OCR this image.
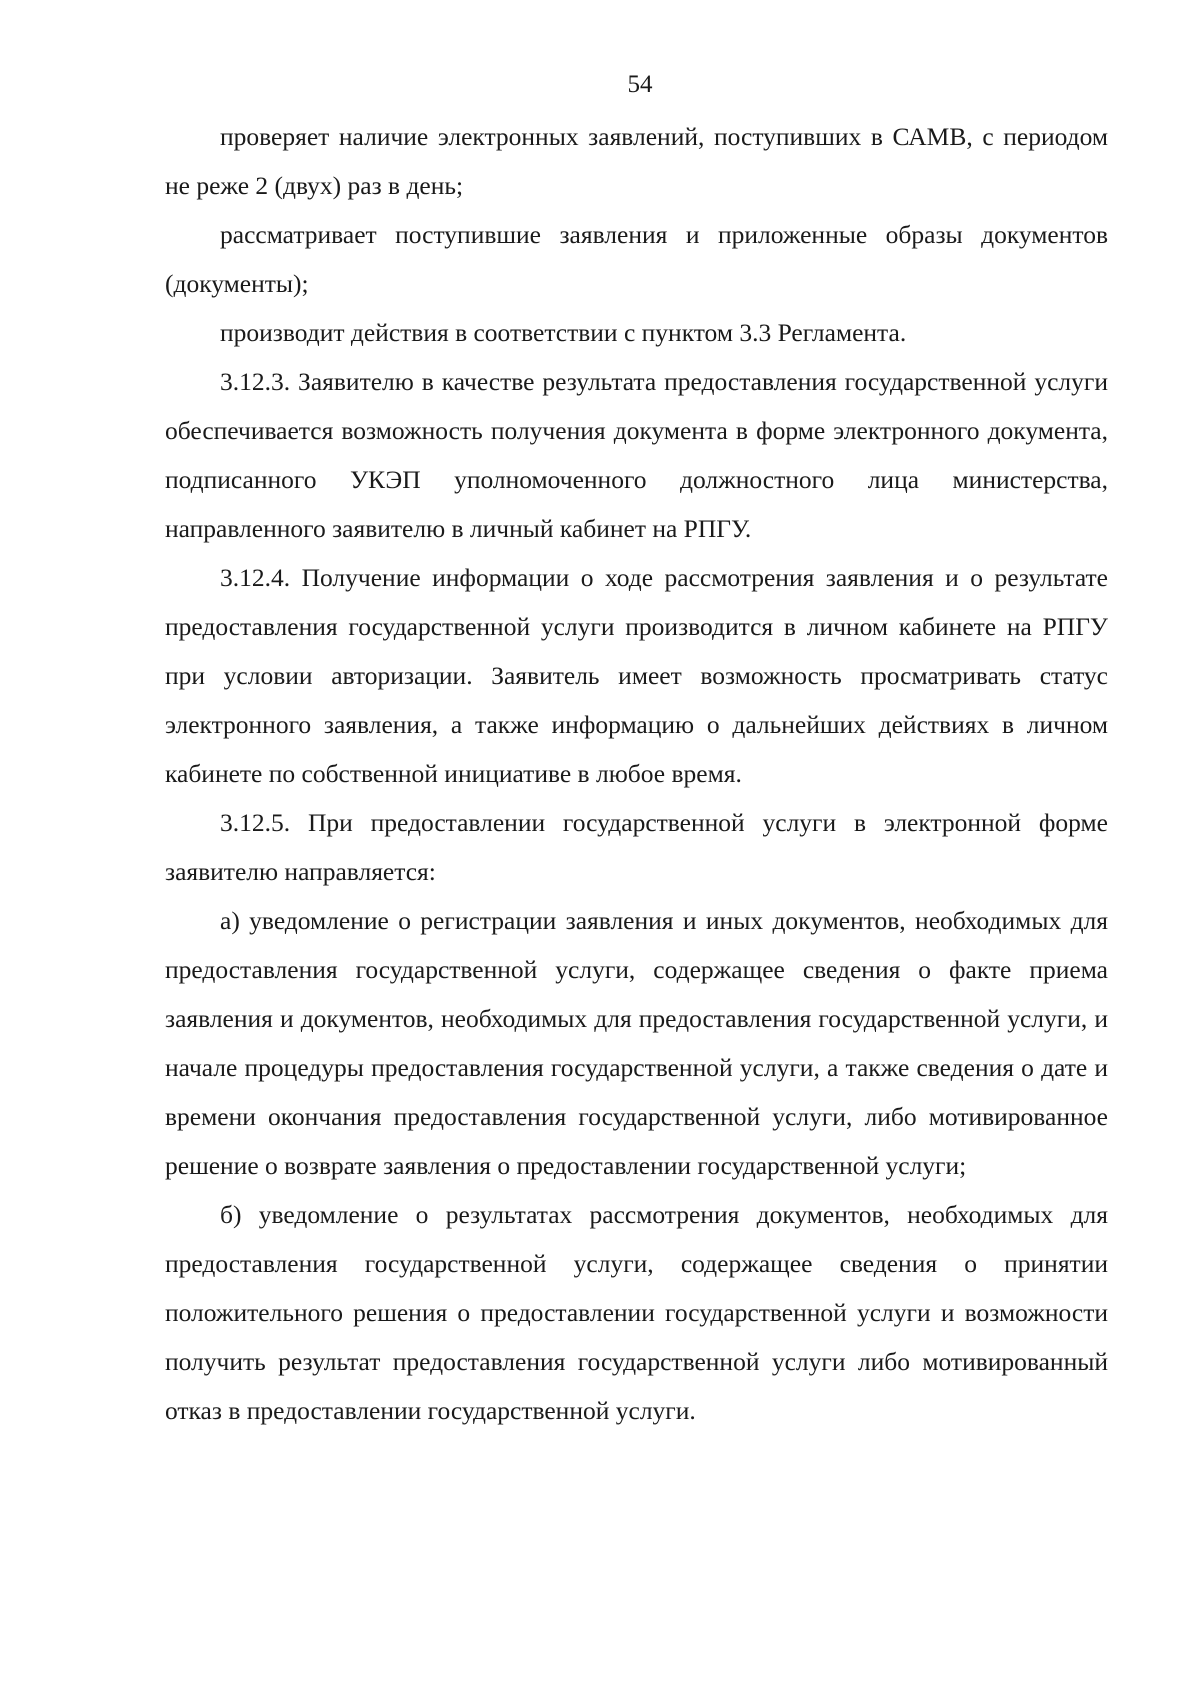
54

проверяет наличие электронных заявлений, поступивших в САМВ, с периодом не реже 2 (двух) раз в день;

рассматривает поступившие заявления и приложенные образы документов (документы);

производит действия в соответствии с пунктом 3.3 Регламента.

3.12.3. Заявителю в качестве результата предоставления государственной услуги обеспечивается возможность получения документа в форме электронного документа, подписанного УКЭП уполномоченного должностного лица министерства, направленного заявителю в личный кабинет на РПГУ.

3.12.4. Получение информации о ходе рассмотрения заявления и о результате предоставления государственной услуги производится в личном кабинете на РПГУ при условии авторизации. Заявитель имеет возможность просматривать статус электронного заявления, а также информацию о дальнейших действиях в личном кабинете по собственной инициативе в любое время.

3.12.5. При предоставлении государственной услуги в электронной форме заявителю направляется:

а) уведомление о регистрации заявления и иных документов, необходимых для предоставления государственной услуги, содержащее сведения о факте приема заявления и документов, необходимых для предоставления государственной услуги, и начале процедуры предоставления государственной услуги, а также сведения о дате и времени окончания предоставления государственной услуги, либо мотивированное решение о возврате заявления о предоставлении государственной услуги;

б) уведомление о результатах рассмотрения документов, необходимых для предоставления государственной услуги, содержащее сведения о принятии положительного решения о предоставлении государственной услуги и возможности получить результат предоставления государственной услуги либо мотивированный отказ в предоставлении государственной услуги.
